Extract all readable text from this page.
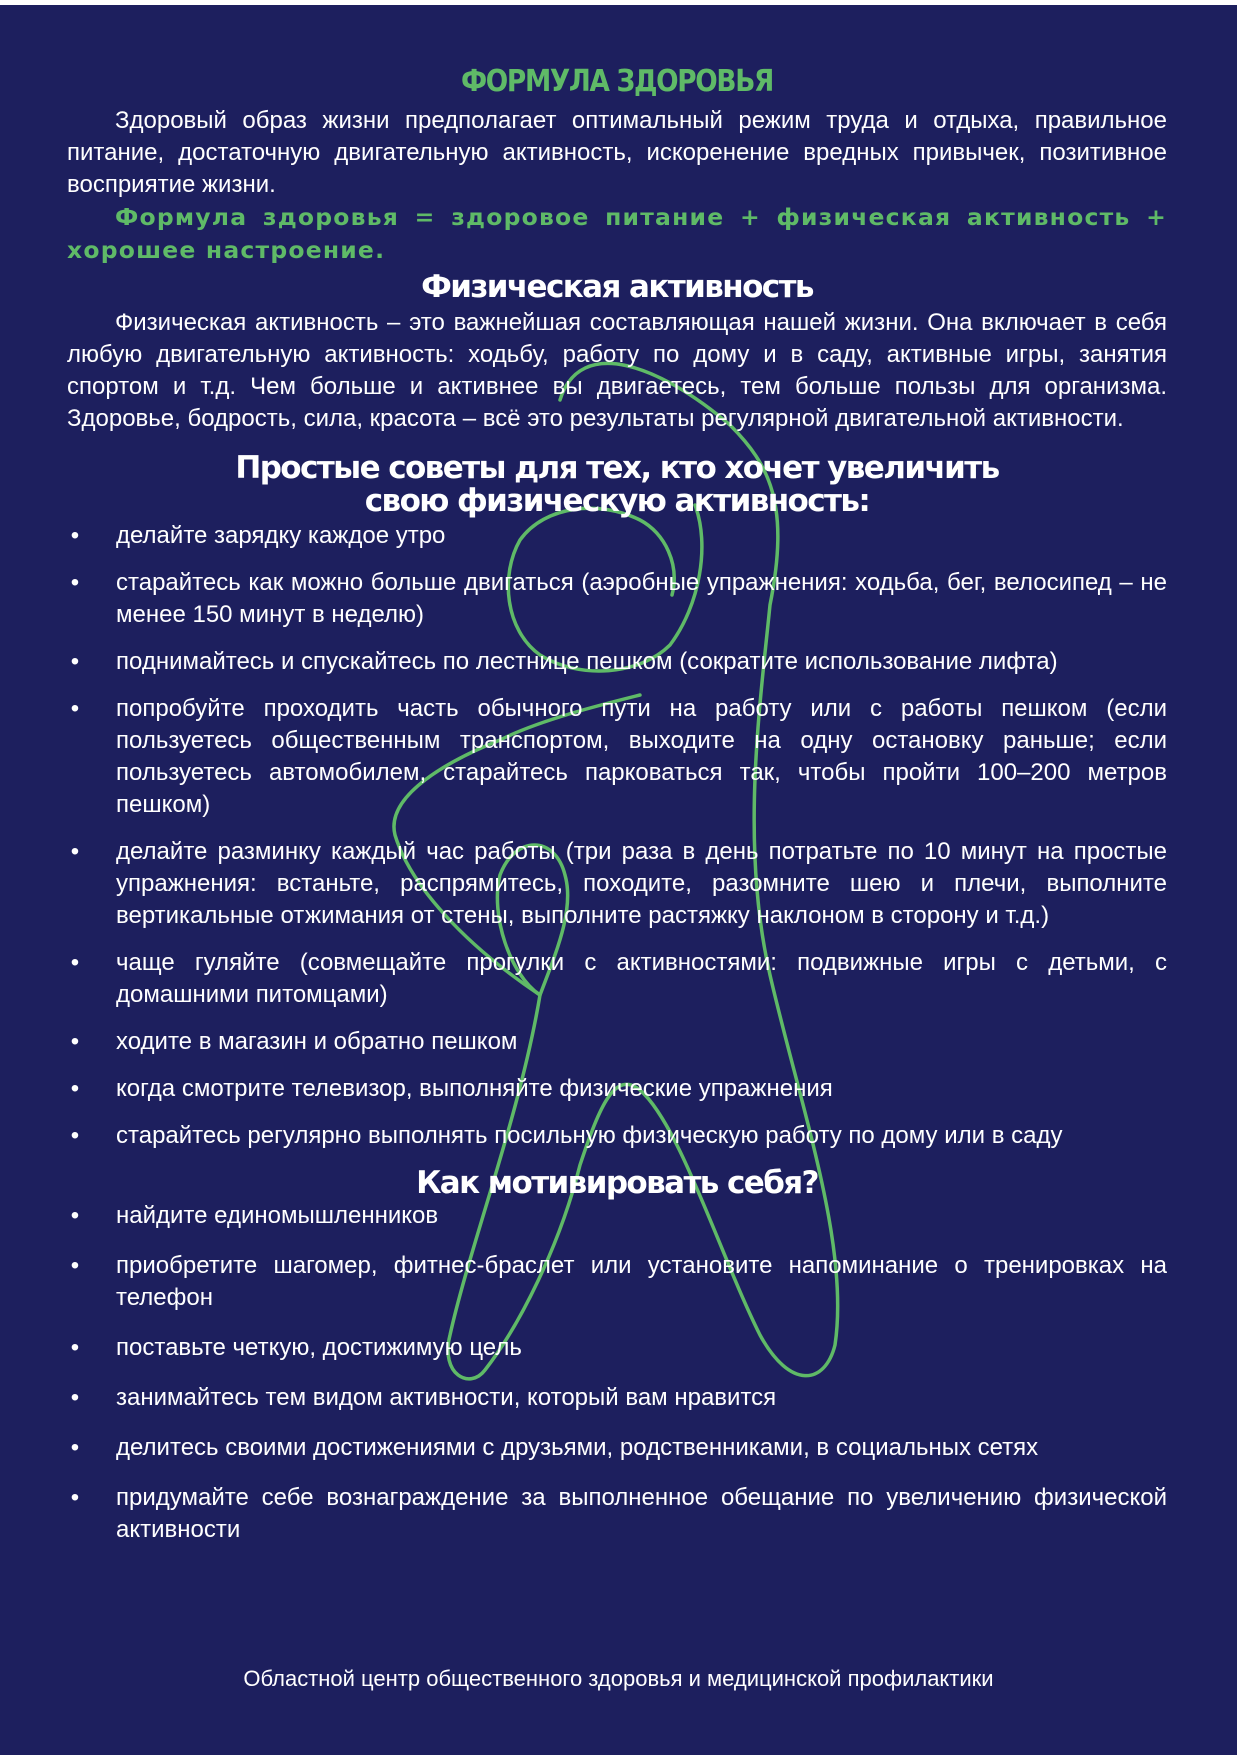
ФОРМУЛА ЗДОРОВЬЯ

Здоровый образ жизни предполагает оптимальный режим труда и отдыха, правильное питание, достаточную двигательную активность, искоренение вредных привычек, позитивное восприятие жизни.

Формула здоровья = здоровое питание + физическая активность + хорошее настроение.

Физическая активность

Физическая активность – это важнейшая составляющая нашей жизни. Она включает в себя любую двигательную активность: ходьбу, работу по дому и в саду, активные игры, занятия спортом и т.д. Чем больше и активнее вы двигаетесь, тем больше пользы для организма. Здоровье, бодрость, сила, красота – всё это результаты регулярной двигательной активности.

Простые советы для тех, кто хочет увеличить
свою физическую активность:
• делайте зарядку каждое утро
• старайтесь как можно больше двигаться (аэробные упражнения: ходьба, бег, велосипед – не менее 150 минут в неделю)
• поднимайтесь и спускайтесь по лестнице пешком (сократите использование лифта)
• попробуйте проходить часть обычного пути на работу или с работы пешком (если пользуетесь общественным транспортом, выходите на одну остановку раньше; если пользуетесь автомобилем, старайтесь парковаться так, чтобы пройти 100–200 метров пешком)
• делайте разминку каждый час работы (три раза в день потратьте по 10 минут на простые упражнения: встаньте, распрямитесь, походите, разомните шею и плечи, выполните вертикальные отжимания от стены, выполните растяжку наклоном в сторону и т.д.)
• чаще гуляйте (совмещайте прогулки с активностями: подвижные игры с детьми, с домашними питомцами)
• ходите в магазин и обратно пешком
• когда смотрите телевизор, выполняйте физические упражнения
• старайтесь регулярно выполнять посильную физическую работу по дому или в саду
Как мотивировать себя?
• найдите единомышленников
• приобретите шагомер, фитнес-браслет или установите напоминание о тренировках на телефон
• поставьте четкую, достижимую цель
• занимайтесь тем видом активности, который вам нравится
• делитесь своими достижениями с друзьями, родственниками, в социальных сетях
• придумайте себе вознаграждение за выполненное обещание по увеличению физической активности
Областной центр общественного здоровья и медицинской профилактики
